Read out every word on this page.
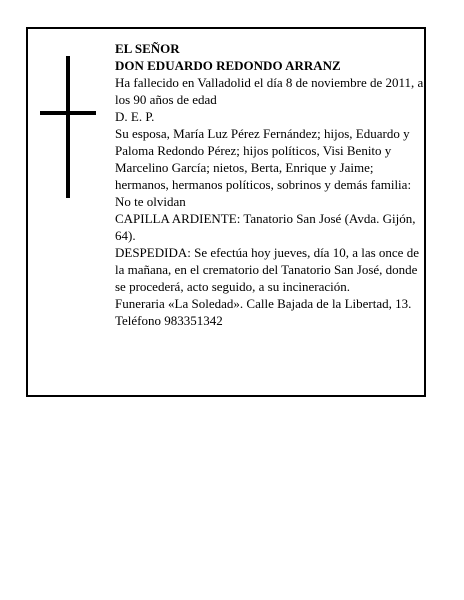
EL SEÑOR

DON EDUARDO REDONDO ARRANZ

Ha fallecido en Valladolid el día 8 de noviembre de 2011, a los 90 años de edad

D. E. P.

Su esposa, María Luz Pérez Fernández; hijos, Eduardo y Paloma Redondo Pérez; hijos políticos, Visi Benito y Marcelino García; nietos, Berta, Enrique y Jaime; hermanos, hermanos políticos, sobrinos y demás familia:

No te olvidan

CAPILLA ARDIENTE: Tanatorio San José (Avda. Gijón, 64).

DESPEDIDA: Se efectúa hoy jueves, día 10, a las once de la mañana, en el crematorio del Tanatorio San José, donde se procederá, acto seguido, a su incineración.

Funeraria «La Soledad». Calle Bajada de la Libertad, 13. Teléfono 983351342
